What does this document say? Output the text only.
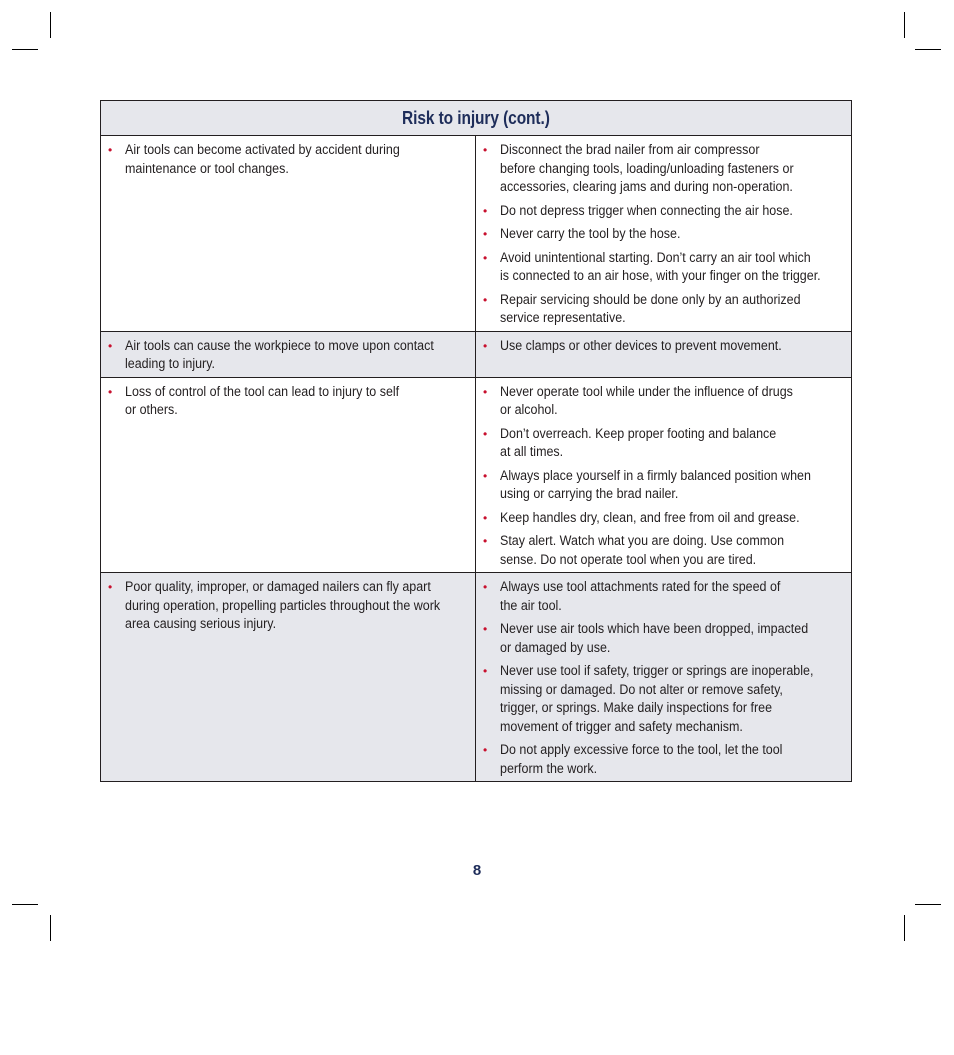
Risk to injury (cont.)
• Air tools can become activated by accident during
maintenance or tool changes.
• Disconnect the brad nailer from air compressor
before changing tools, loading/unloading fasteners or
accessories, clearing jams and during non-operation.
• Do not depress trigger when connecting the air hose.
• Never carry the tool by the hose.
• Avoid unintentional starting. Don’t carry an air tool which
is connected to an air hose, with your finger on the trigger.
• Repair servicing should be done only by an authorized
service representative.
• Air tools can cause the workpiece to move upon contact
leading to injury.
• Use clamps or other devices to prevent movement.
• Loss of control of the tool can lead to injury to self
or others.
• Never operate tool while under the influence of drugs
or alcohol.
• Don’t overreach. Keep proper footing and balance
at all times.
• Always place yourself in a firmly balanced position when
using or carrying the brad nailer.
• Keep handles dry, clean, and free from oil and grease.
• Stay alert. Watch what you are doing. Use common
sense. Do not operate tool when you are tired.
• Poor quality, improper, or damaged nailers can fly apart
during operation, propelling particles throughout the work
area causing serious injury.
• Always use tool attachments rated for the speed of
the air tool.
• Never use air tools which have been dropped, impacted
or damaged by use.
• Never use tool if safety, trigger or springs are inoperable,
missing or damaged. Do not alter or remove safety,
trigger, or springs. Make daily inspections for free
movement of trigger and safety mechanism.
• Do not apply excessive force to the tool, let the tool
perform the work.
8
